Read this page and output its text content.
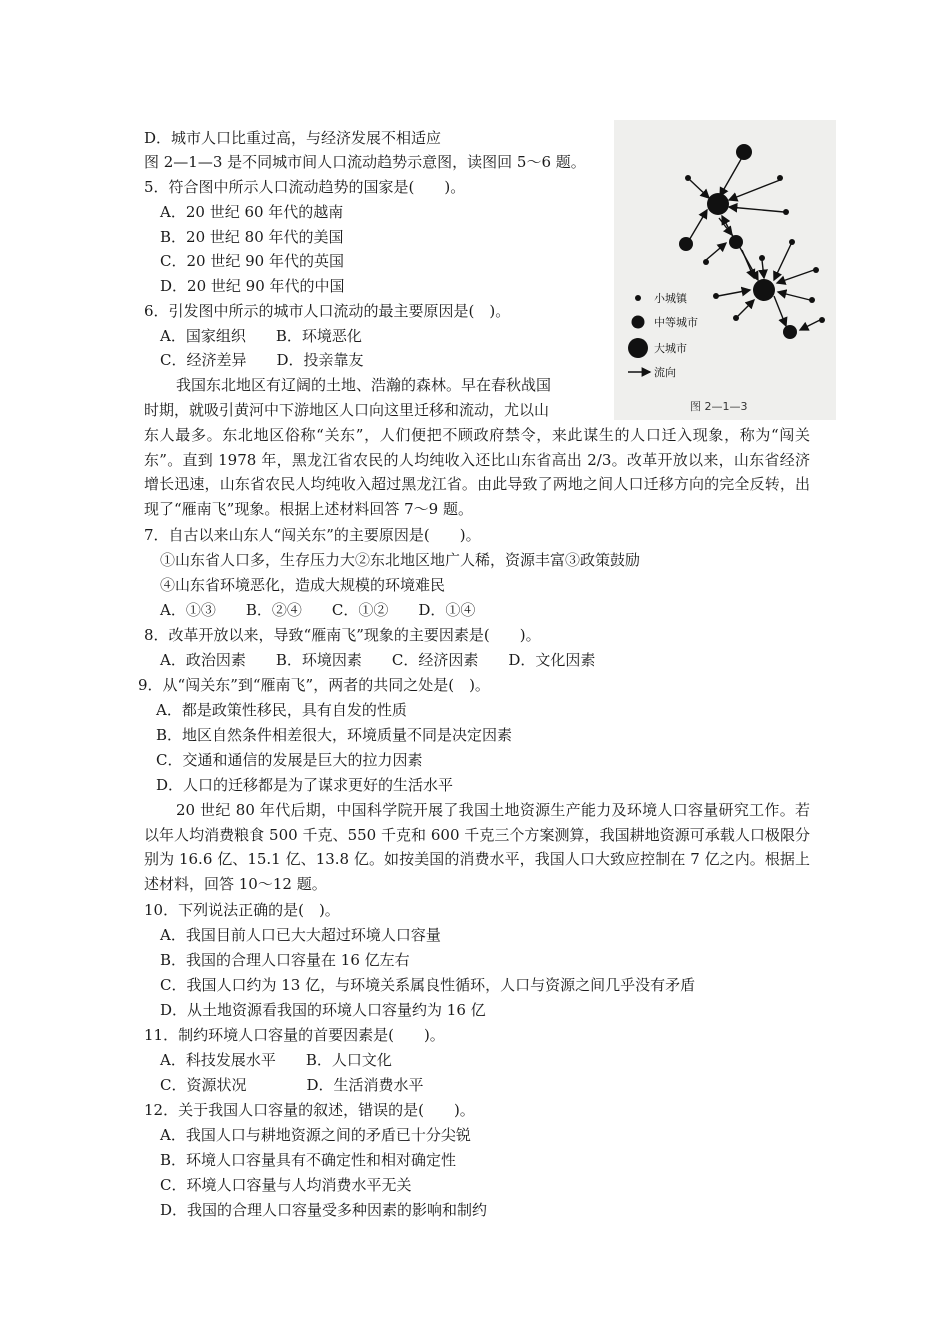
D．城市人口比重过高，与经济发展不相适应
图 2—1—3 是不同城市间人口流动趋势示意图，读图回 5～6 题。
5．符合图中所示人口流动趋势的国家是(　　)。
A．20 世纪 60 年代的越南
B．20 世纪 80 年代的美国
C．20 世纪 90 年代的英国
D．20 世纪 90 年代的中国
6．引发图中所示的城市人口流动的最主要原因是(　)。
A．国家组织　　B．环境恶化
C．经济差异　　D．投亲靠友
我国东北地区有辽阔的土地、浩瀚的森林。早在春秋战国
时期，就吸引黄河中下游地区人口向这里迁移和流动，尤以山
东人最多。东北地区俗称“关东”，人们便把不顾政府禁令，来此谋生的人口迁入现象，称为“闯关东”。直到 1978 年，黑龙江省农民的人均纯收入还比山东省高出 2/3。改革开放以来，山东省经济增长迅速，山东省农民人均纯收入超过黑龙江省。由此导致了两地之间人口迁移方向的完全反转，出现了“雁南飞”现象。根据上述材料回答 7～9 题。
7．自古以来山东人“闯关东”的主要原因是(　　)。
①山东省人口多，生存压力大②东北地区地广人稀，资源丰富③政策鼓励
④山东省环境恶化，造成大规模的环境难民
A．①③　　B．②④　　C．①②　　D．①④
8．改革开放以来，导致“雁南飞”现象的主要因素是(　　)。
A．政治因素　　B．环境因素　　C．经济因素　　D．文化因素
9．从“闯关东”到“雁南飞”，两者的共同之处是(　)。
A．都是政策性移民，具有自发的性质
B．地区自然条件相差很大，环境质量不同是决定因素
C．交通和通信的发展是巨大的拉力因素
D．人口的迁移都是为了谋求更好的生活水平
20 世纪 80 年代后期，中国科学院开展了我国土地资源生产能力及环境人口容量研究工作。若以年人均消费粮食 500 千克、550 千克和 600 千克三个方案测算，我国耕地资源可承载人口极限分别为 16.6 亿、15.1 亿、13.8 亿。如按美国的消费水平，我国人口大致应控制在 7 亿之内。根据上述材料，回答 10～12 题。
10．下列说法正确的是(　)。
A．我国目前人口已大大超过环境人口容量
B．我国的合理人口容量在 16 亿左右
C．我国人口约为 13 亿，与环境关系属良性循环，人口与资源之间几乎没有矛盾
D．从土地资源看我国的环境人口容量约为 16 亿
11．制约环境人口容量的首要因素是(　　)。
A．科技发展水平　　B．人口文化
C．资源状况　　　　D．生活消费水平
12．关于我国人口容量的叙述，错误的是(　　)。
A．我国人口与耕地资源之间的矛盾已十分尖锐
B．环境人口容量具有不确定性和相对确定性
C．环境人口容量与人均消费水平无关
D．我国的合理人口容量受多种因素的影响和制约
小城镇
中等城市
大城市
流向
图 2—1—3
